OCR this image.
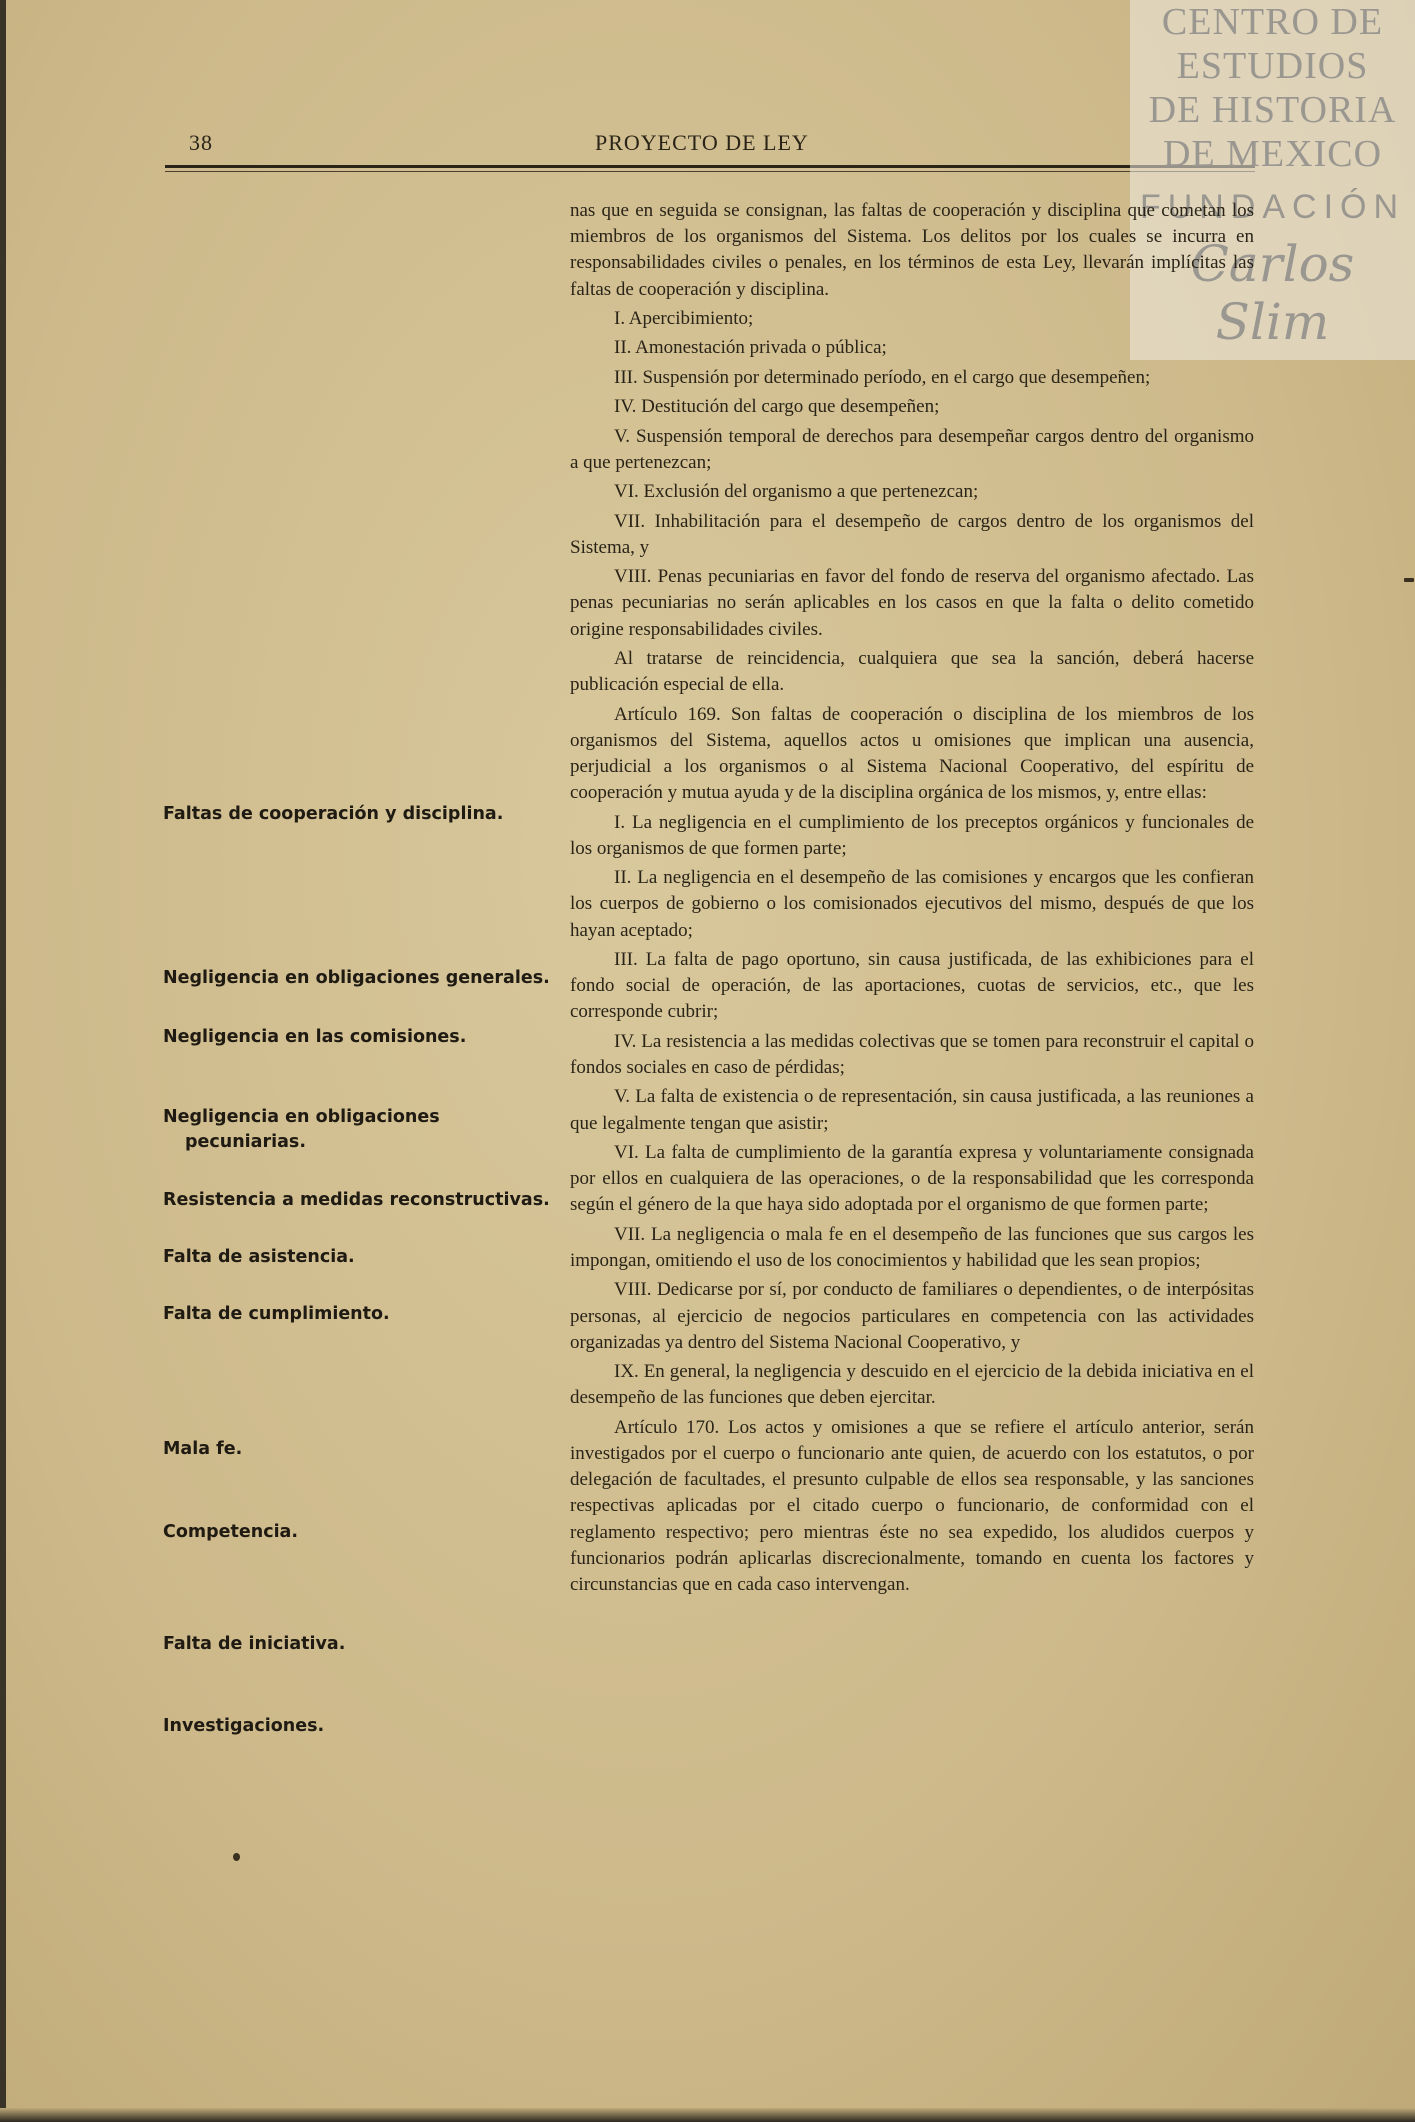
38	PROYECTO DE LEY
CENTRO DE
ESTUDIOS
DE HISTORIA
DE MEXICO
FUNDACIÓN
Carlos Slim
Faltas de cooperación y disciplina.
Negligencia en obligaciones generales.
Negligencia en las comisiones.
Negligencia en obligaciones pecuniarias.
Resistencia a medidas reconstructivas.
Falta de asistencia.
Falta de cumplimiento.
Mala fe.
Competencia.
Falta de iniciativa.
Investigaciones.

nas que en seguida se consignan, las faltas de cooperación y disciplina que cometan los miembros de los organismos del Sistema. Los delitos por los cuales se incurra en responsabilidades civiles o penales, en los términos de esta Ley, llevarán implícitas las faltas de cooperación y disciplina.

I. Apercibimiento;

II. Amonestación privada o pública;

III. Suspensión por determinado período, en el cargo que desempeñen;

IV. Destitución del cargo que desempeñen;

V. Suspensión temporal de derechos para desempeñar cargos dentro del organismo a que pertenezcan;

VI. Exclusión del organismo a que pertenezcan;

VII. Inhabilitación para el desempeño de cargos dentro de los organismos del Sistema, y

VIII. Penas pecuniarias en favor del fondo de reserva del organismo afectado. Las penas pecuniarias no serán aplicables en los casos en que la falta o delito cometido origine responsabilidades civiles.

Al tratarse de reincidencia, cualquiera que sea la sanción, deberá hacerse publicación especial de ella.

Artículo 169. Son faltas de cooperación o disciplina de los miembros de los organismos del Sistema, aquellos actos u omisiones que implican una ausencia, perjudicial a los organismos o al Sistema Nacional Cooperativo, del espíritu de cooperación y mutua ayuda y de la disciplina orgánica de los mismos, y, entre ellas:

I. La negligencia en el cumplimiento de los preceptos orgánicos y funcionales de los organismos de que formen parte;

II. La negligencia en el desempeño de las comisiones y encargos que les confieran los cuerpos de gobierno o los comisionados ejecutivos del mismo, después de que los hayan aceptado;

III. La falta de pago oportuno, sin causa justificada, de las exhibiciones para el fondo social de operación, de las aportaciones, cuotas de servicios, etc., que les corresponde cubrir;

IV. La resistencia a las medidas colectivas que se tomen para reconstruir el capital o fondos sociales en caso de pérdidas;

V. La falta de existencia o de representación, sin causa justificada, a las reuniones a que legalmente tengan que asistir;

VI. La falta de cumplimiento de la garantía expresa y voluntariamente consignada por ellos en cualquiera de las operaciones, o de la responsabilidad que les corresponda según el género de la que haya sido adoptada por el organismo de que formen parte;

VII. La negligencia o mala fe en el desempeño de las funciones que sus cargos les impongan, omitiendo el uso de los conocimientos y habilidad que les sean propios;

VIII. Dedicarse por sí, por conducto de familiares o dependientes, o de interpósitas personas, al ejercicio de negocios particulares en competencia con las actividades organizadas ya dentro del Sistema Nacional Cooperativo, y

IX. En general, la negligencia y descuido en el ejercicio de la debida iniciativa en el desempeño de las funciones que deben ejercitar.

Artículo 170. Los actos y omisiones a que se refiere el artículo anterior, serán investigados por el cuerpo o funcionario ante quien, de acuerdo con los estatutos, o por delegación de facultades, el presunto culpable de ellos sea responsable, y las sanciones respectivas aplicadas por el citado cuerpo o funcionario, de conformidad con el reglamento respectivo; pero mientras éste no sea expedido, los aludidos cuerpos y funcionarios podrán aplicarlas discrecionalmente, tomando en cuenta los factores y circunstancias que en cada caso intervengan.
